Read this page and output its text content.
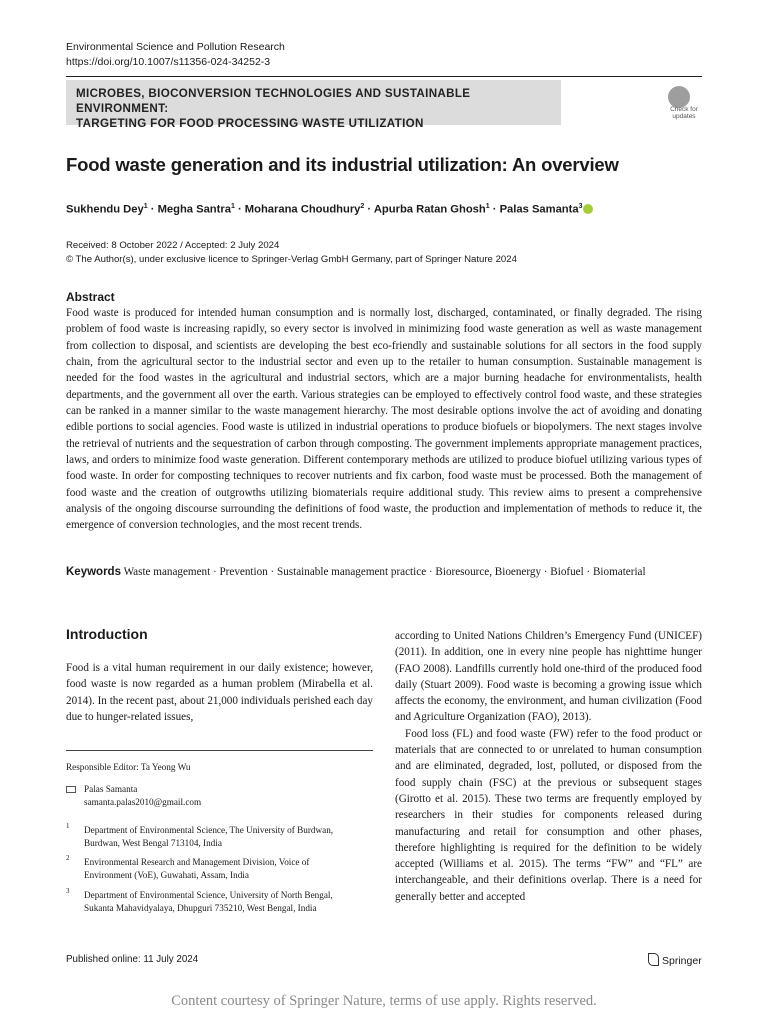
Environmental Science and Pollution Research
https://doi.org/10.1007/s11356-024-34252-3
MICROBES, BIOCONVERSION TECHNOLOGIES AND SUSTAINABLE ENVIRONMENT:
TARGETING FOR FOOD PROCESSING WASTE UTILIZATION
Check for
updates
Food waste generation and its industrial utilization: An overview
Sukhendu Dey$^1$ · Megha Santra$^1$ · Moharana Choudhury$^2$ · Apurba Ratan Ghosh$^1$ · Palas Samanta$^3$
Received: 8 October 2022 / Accepted: 2 July 2024
© The Author(s), under exclusive licence to Springer-Verlag GmbH Germany, part of Springer Nature 2024
Abstract
Food waste is produced for intended human consumption and is normally lost, discharged, contaminated, or finally degraded. The rising problem of food waste is increasing rapidly, so every sector is involved in minimizing food waste generation as well as waste management from collection to disposal, and scientists are developing the best eco-friendly and sustainable solutions for all sectors in the food supply chain, from the agricultural sector to the industrial sector and even up to the retailer to human consumption. Sustainable management is needed for the food wastes in the agricultural and industrial sectors, which are a major burning headache for environmentalists, health departments, and the government all over the earth. Various strategies can be employed to effectively control food waste, and these strategies can be ranked in a manner similar to the waste management hierarchy. The most desirable options involve the act of avoiding and donating edible portions to social agencies. Food waste is utilized in industrial operations to produce biofuels or biopolymers. The next stages involve the retrieval of nutrients and the sequestration of carbon through composting. The government implements appropriate management practices, laws, and orders to minimize food waste generation. Different contemporary methods are utilized to produce biofuel utilizing various types of food waste. In order for composting techniques to recover nutrients and fix carbon, food waste must be processed. Both the management of food waste and the creation of outgrowths utilizing biomaterials require additional study. This review aims to present a comprehensive analysis of the ongoing discourse surrounding the definitions of food waste, the production and implementation of methods to reduce it, the emergence of conversion technologies, and the most recent trends.
Keywords Waste management · Prevention · Sustainable management practice · Bioresource, Bioenergy · Biofuel · Biomaterial
Introduction
Food is a vital human requirement in our daily existence; however, food waste is now regarded as a human problem (Mirabella et al. 2014). In the recent past, about 21,000 individuals perished each day due to hunger-related issues,
Responsible Editor: Ta Yeong Wu
Palas Samanta
samanta.palas2010@gmail.com
1 Department of Environmental Science, The University of Burdwan, Burdwan, West Bengal 713104, India
2 Environmental Research and Management Division, Voice of Environment (VoE), Guwahati, Assam, India
3 Department of Environmental Science, University of North Bengal, Sukanta Mahavidyalaya, Dhupguri 735210, West Bengal, India

according to United Nations Children’s Emergency Fund (UNICEF) (2011). In addition, one in every nine people has nighttime hunger (FAO 2008). Landfills currently hold one-third of the produced food daily (Stuart 2009). Food waste is becoming a growing issue which affects the economy, the environment, and human civilization (Food and Agriculture Organization (FAO), 2013).

Food loss (FL) and food waste (FW) refer to the food product or materials that are connected to or unrelated to human consumption and are eliminated, degraded, lost, polluted, or disposed from the food supply chain (FSC) at the previous or subsequent stages (Girotto et al. 2015). These two terms are frequently employed by researchers in their studies for components released during manufacturing and retail for consumption and other phases, therefore highlighting is required for the definition to be widely accepted (Williams et al. 2015). The terms “FW” and “FL” are interchangeable, and their definitions overlap. There is a need for generally better and accepted

Published online: 11 July 2024	Springer
Content courtesy of Springer Nature, terms of use apply. Rights reserved.
